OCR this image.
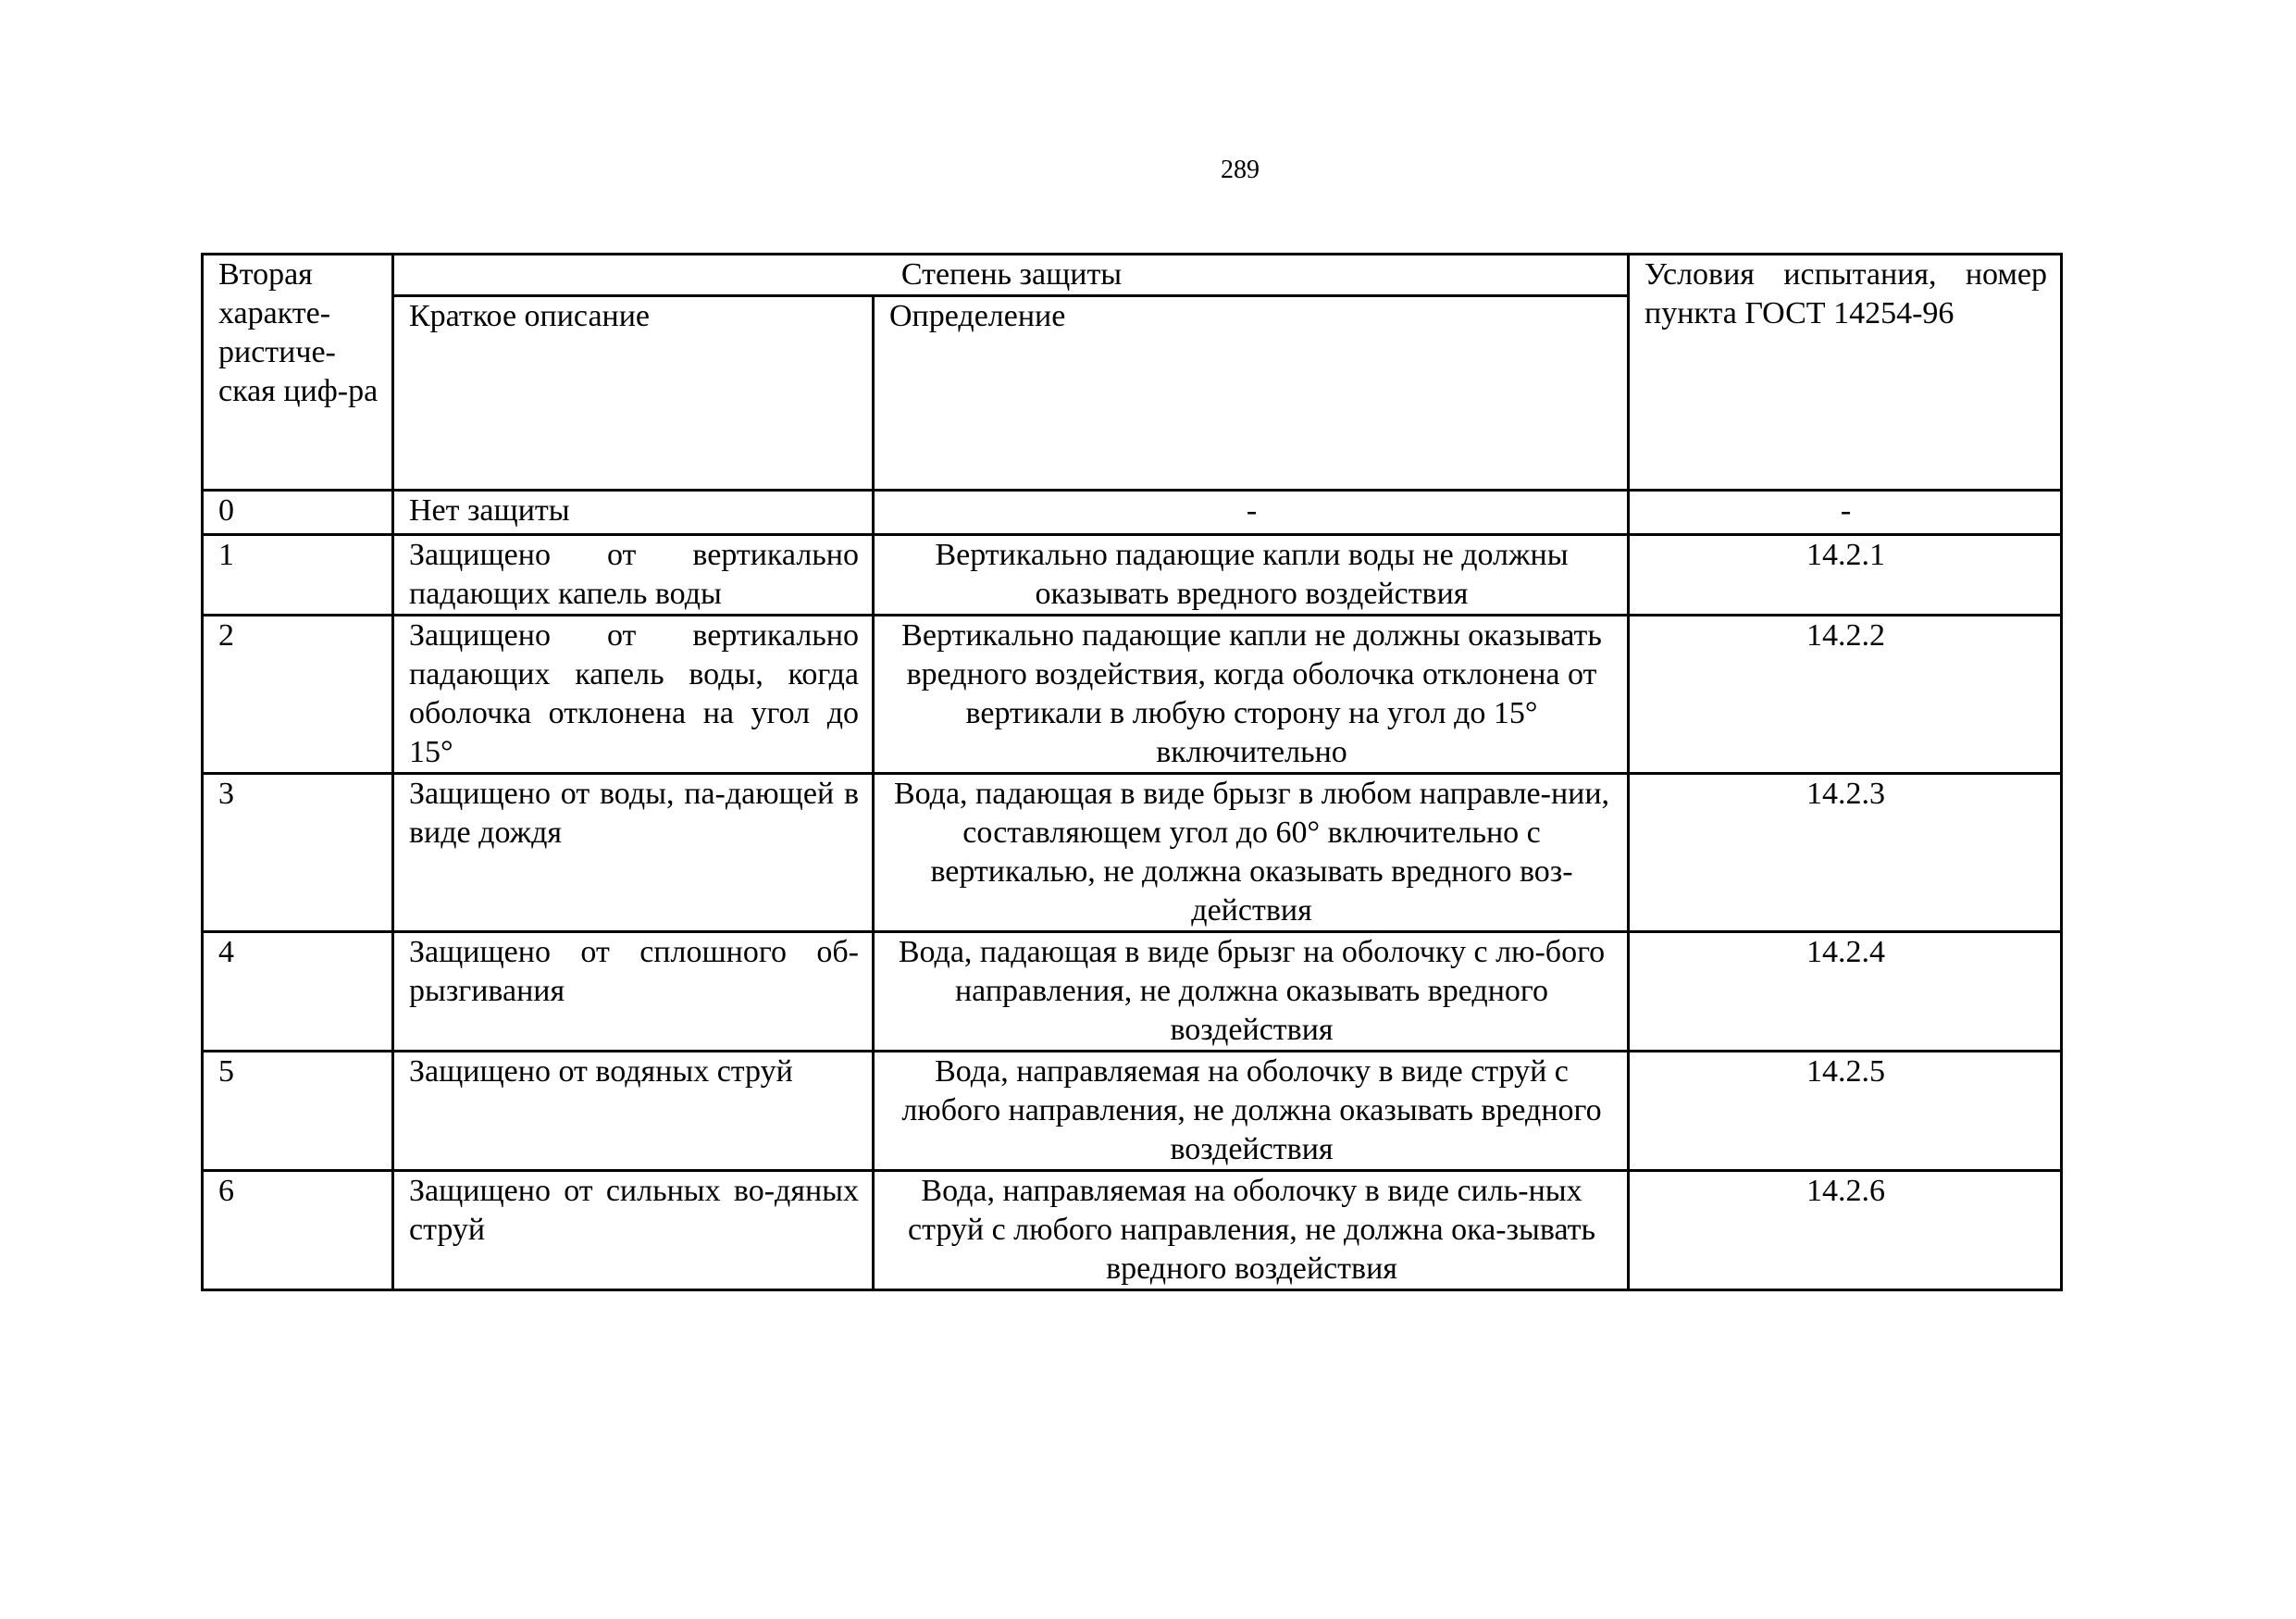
289
Вторая характе-ристиче-ская циф-ра	Степень защиты		Условия испытания, номер пункта ГОСТ 14254-96
	Краткое описание	Определение	
0	Нет защиты	-	-
1	Защищено от вертикально падающих капель воды	Вертикально падающие капли воды не должны оказывать вредного воздействия	14.2.1
2	Защищено от вертикально падающих капель воды, когда оболочка отклонена на угол до 15°	Вертикально падающие капли не должны оказывать вредного воздействия, когда оболочка отклонена от вертикали в любую сторону на угол до 15° включительно	14.2.2
3	Защищено от воды, па-дающей в виде дождя	Вода, падающая в виде брызг в любом направле-нии, составляющем угол до 60° включительно с вертикалью, не должна оказывать вредного воз-действия	14.2.3
4	Защищено от сплошного об-рызгивания	Вода, падающая в виде брызг на оболочку с лю-бого направления, не должна оказывать вредного воздействия	14.2.4
5	Защищено от водяных струй	Вода, направляемая на оболочку в виде струй с любого направления, не должна оказывать вредного воздействия	14.2.5
6	Защищено от сильных во-дяных струй	Вода, направляемая на оболочку в виде силь-ных струй с любого направления, не должна ока-зывать вредного воздействия	14.2.6
